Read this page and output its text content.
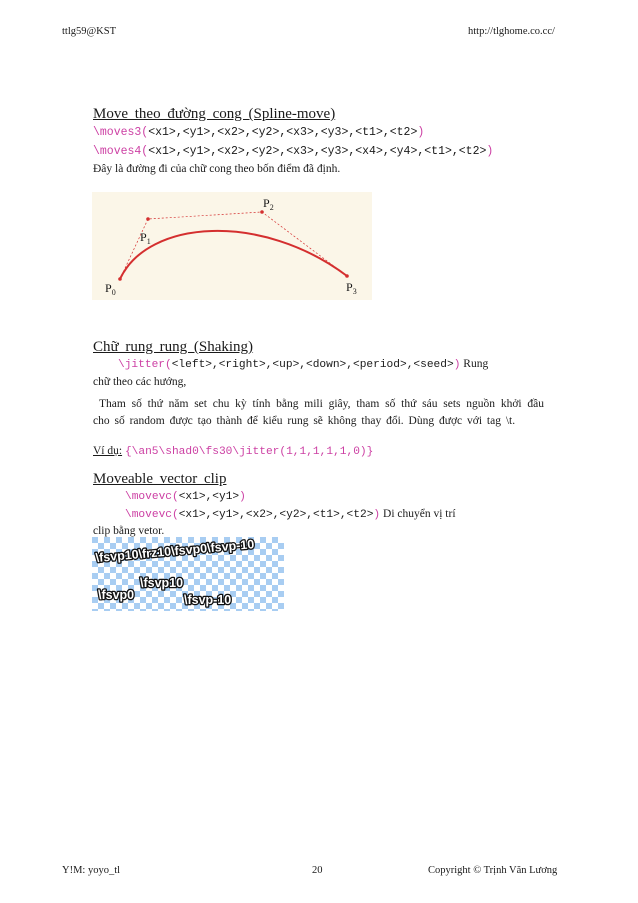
ttlg59@KST	http://tlghome.co.cc/
Move theo đường cong (Spline-move)
\moves3(<x1>,<y1>,<x2>,<y2>,<x3>,<y3>,<t1>,<t2>)
\moves4(<x1>,<y1>,<x2>,<y2>,<x3>,<y3>,<x4>,<y4>,<t1>,<t2>)
Đây là đường đi của chữ cong theo bốn điểm đã định.
$P_0$
$P_1$
$P_2$
$P_3$
Chữ rung rung (Shaking)
\jitter(<left>,<right>,<up>,<down>,<period>,<seed>) Rung
chữ theo các hướng,
Tham số thứ năm set chu kỳ tính bằng mili giây, tham số thứ sáu sets nguồn khởi đầu cho số random được tạo thành để kiểu rung sẽ không thay đổi. Dùng được với tag \t.
Ví dụ: {\an5\shad0\fs30\jitter(1,1,1,1,1,0)}
Moveable vector clip
\movevc(<x1>,<y1>)
\movevc(<x1>,<y1>,<x2>,<y2>,<t1>,<t2>) Di chuyển vị trí
clip bằng vetor.
\fsvp10\frz10\fsvp0\fsvp-10
\fsvp10
\fsvp0	\fsvp-10
Y!M: yoyo_tl	20	Copyright © Trịnh Văn Lương
